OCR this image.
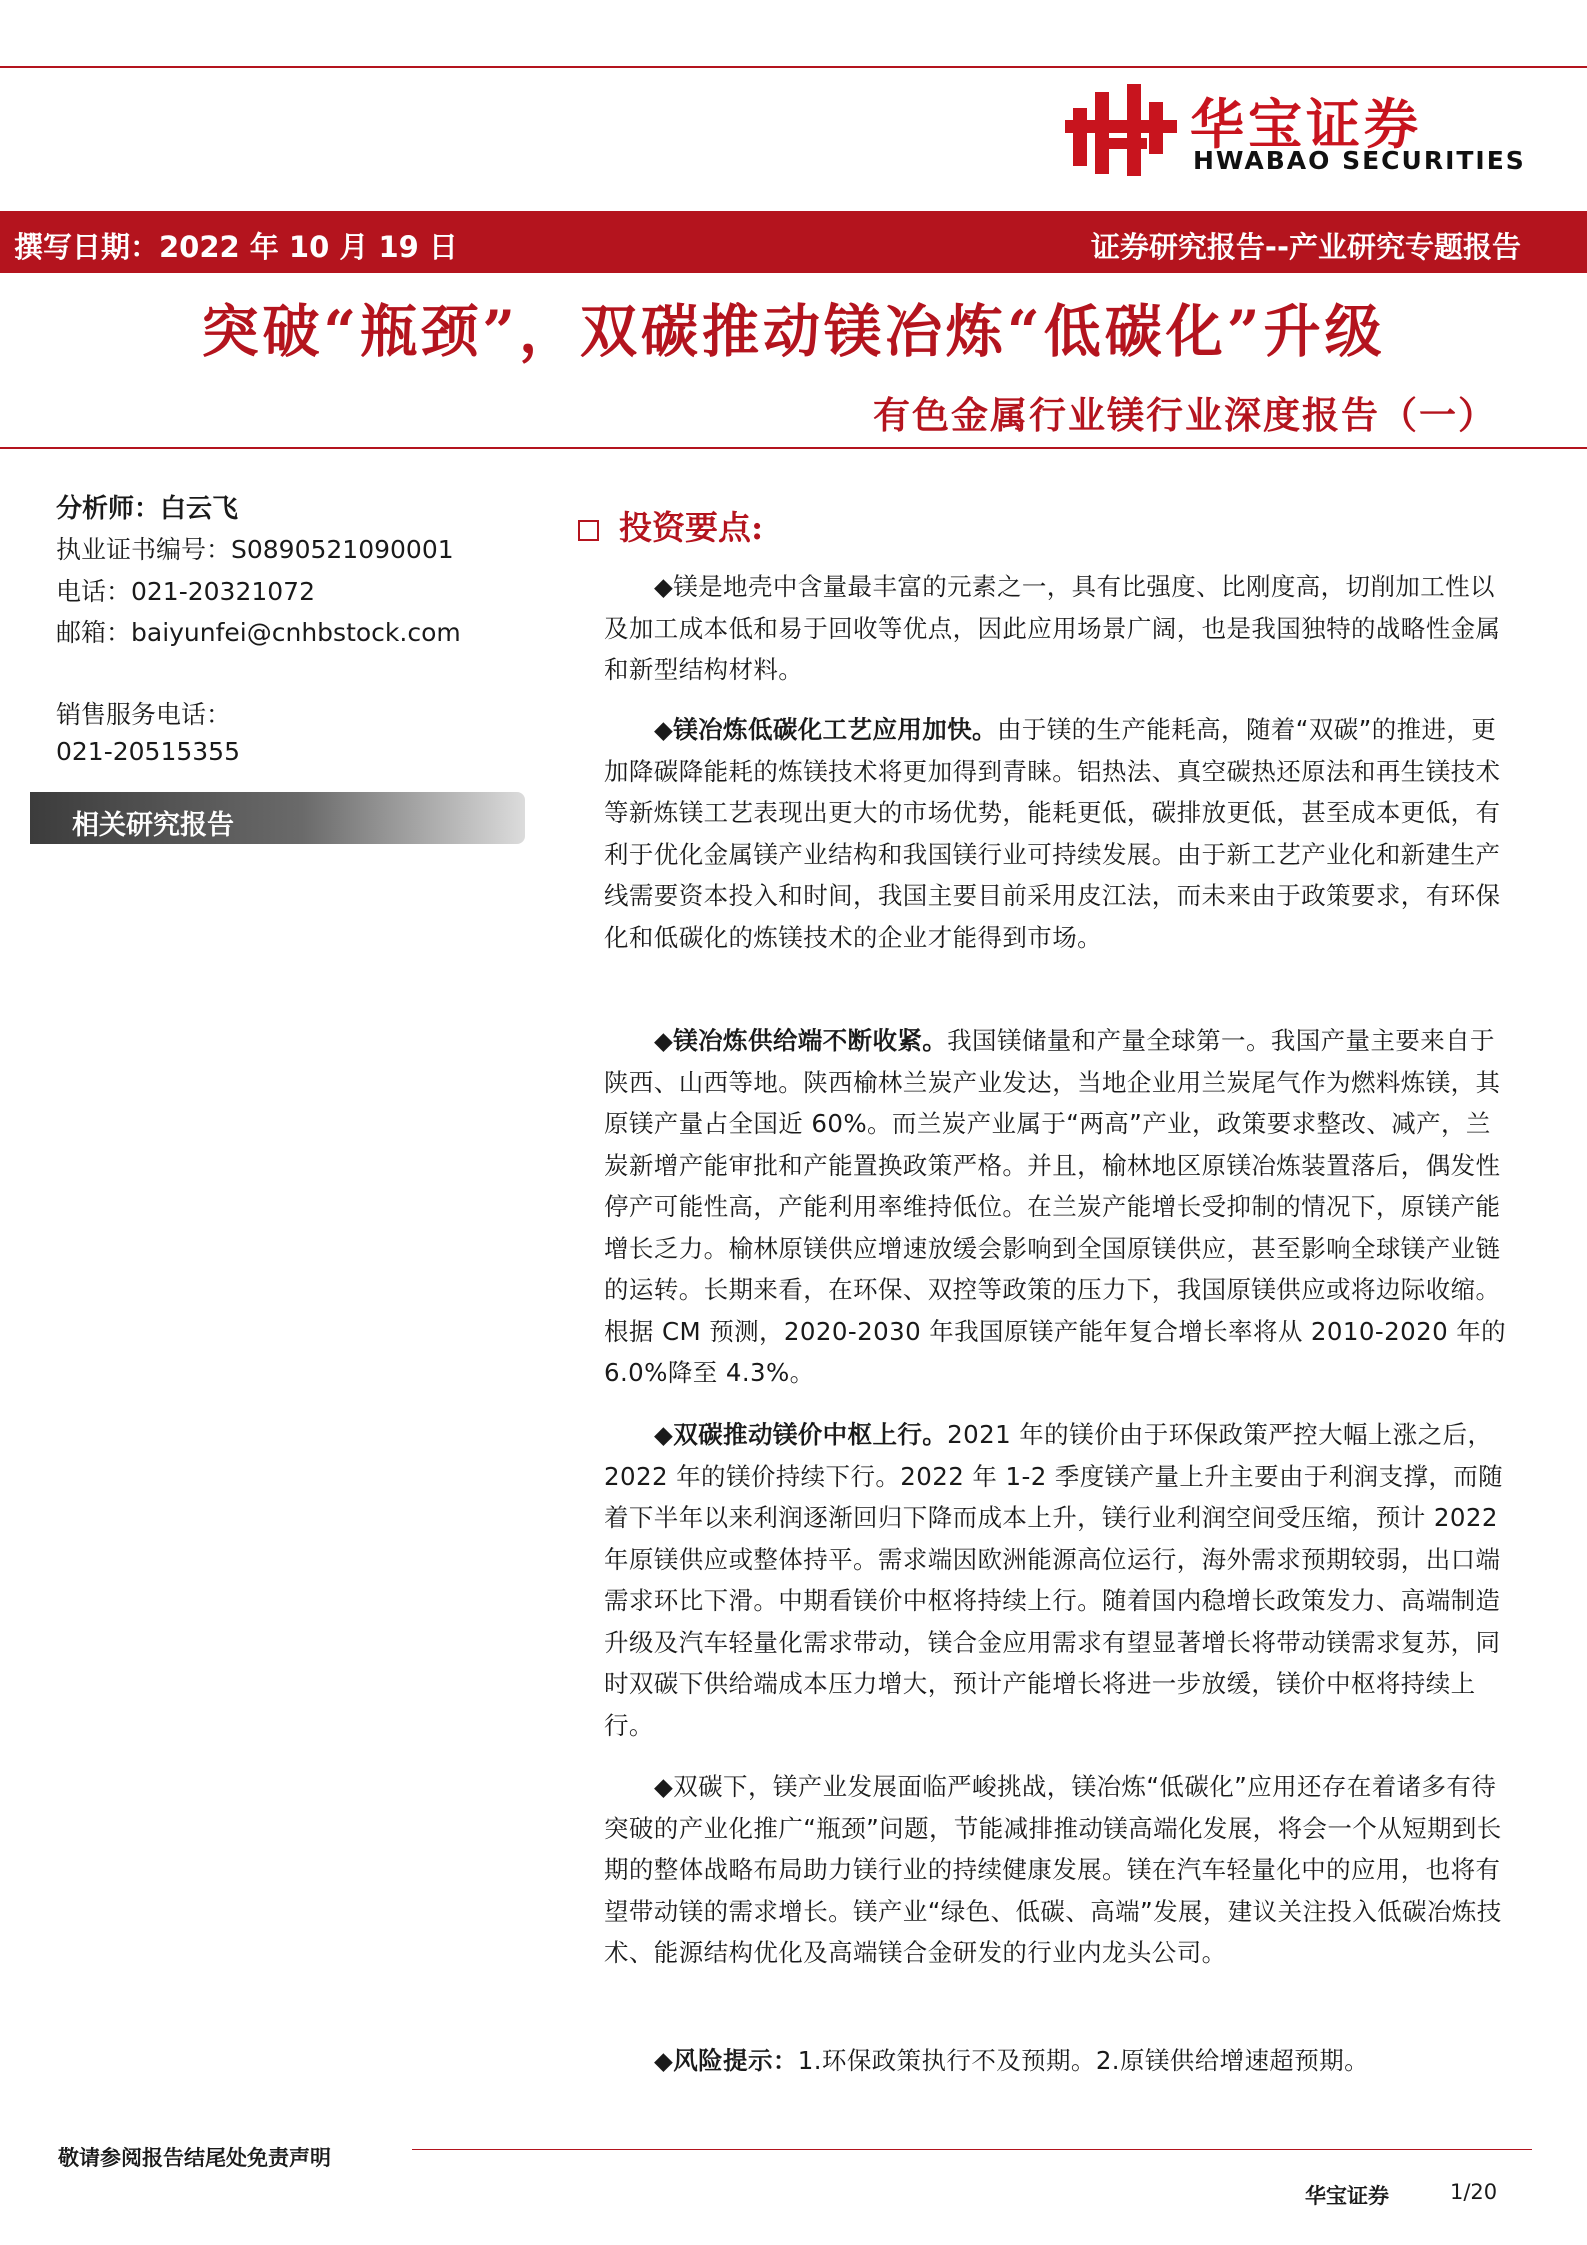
华宝证券
HWABAO SECURITIES
撰写日期：2022 年 10 月 19 日	证券研究报告--产业研究专题报告
突破“瓶颈”，双碳推动镁冶炼“低碳化”升级
有色金属行业镁行业深度报告（一）
分析师：白云飞
执业证书编号：S0890521090001
电话：021-20321072
邮箱：baiyunfei@cnhbstock.com
销售服务电话：
021-20515355
相关研究报告
投资要点:
◆镁是地壳中含量最丰富的元素之一，具有比强度、比刚度高，切削加工性以及加工成本低和易于回收等优点，因此应用场景广阔，也是我国独特的战略性金属和新型结构材料。
◆镁冶炼低碳化工艺应用加快。由于镁的生产能耗高，随着“双碳”的推进，更加降碳降能耗的炼镁技术将更加得到青睐。铝热法、真空碳热还原法和再生镁技术等新炼镁工艺表现出更大的市场优势，能耗更低，碳排放更低，甚至成本更低，有利于优化金属镁产业结构和我国镁行业可持续发展。由于新工艺产业化和新建生产线需要资本投入和时间，我国主要目前采用皮江法，而未来由于政策要求，有环保化和低碳化的炼镁技术的企业才能得到市场。
◆镁冶炼供给端不断收紧。我国镁储量和产量全球第一。我国产量主要来自于陕西、山西等地。陕西榆林兰炭产业发达，当地企业用兰炭尾气作为燃料炼镁，其原镁产量占全国近 60%。而兰炭产业属于“两高”产业，政策要求整改、减产，兰炭新增产能审批和产能置换政策严格。并且，榆林地区原镁冶炼装置落后，偶发性停产可能性高，产能利用率维持低位。在兰炭产能增长受抑制的情况下，原镁产能增长乏力。榆林原镁供应增速放缓会影响到全国原镁供应，甚至影响全球镁产业链的运转。长期来看，在环保、双控等政策的压力下，我国原镁供应或将边际收缩。根据 CM 预测，2020-2030 年我国原镁产能年复合增长率将从 2010-2020 年的 6.0%降至 4.3%。
◆双碳推动镁价中枢上行。2021 年的镁价由于环保政策严控大幅上涨之后，2022 年的镁价持续下行。2022 年 1-2 季度镁产量上升主要由于利润支撑，而随着下半年以来利润逐渐回归下降而成本上升，镁行业利润空间受压缩，预计 2022 年原镁供应或整体持平。需求端因欧洲能源高位运行，海外需求预期较弱，出口端需求环比下滑。中期看镁价中枢将持续上行。随着国内稳增长政策发力、高端制造升级及汽车轻量化需求带动，镁合金应用需求有望显著增长将带动镁需求复苏，同时双碳下供给端成本压力增大，预计产能增长将进一步放缓，镁价中枢将持续上行。
◆双碳下，镁产业发展面临严峻挑战，镁冶炼“低碳化”应用还存在着诸多有待突破的产业化推广“瓶颈”问题，节能减排推动镁高端化发展，将会一个从短期到长期的整体战略布局助力镁行业的持续健康发展。镁在汽车轻量化中的应用，也将有望带动镁的需求增长。镁产业“绿色、低碳、高端”发展，建议关注投入低碳冶炼技术、能源结构优化及高端镁合金研发的行业内龙头公司。
◆风险提示：1.环保政策执行不及预期。2.原镁供给增速超预期。
敬请参阅报告结尾处免责声明
华宝证券	1/20
